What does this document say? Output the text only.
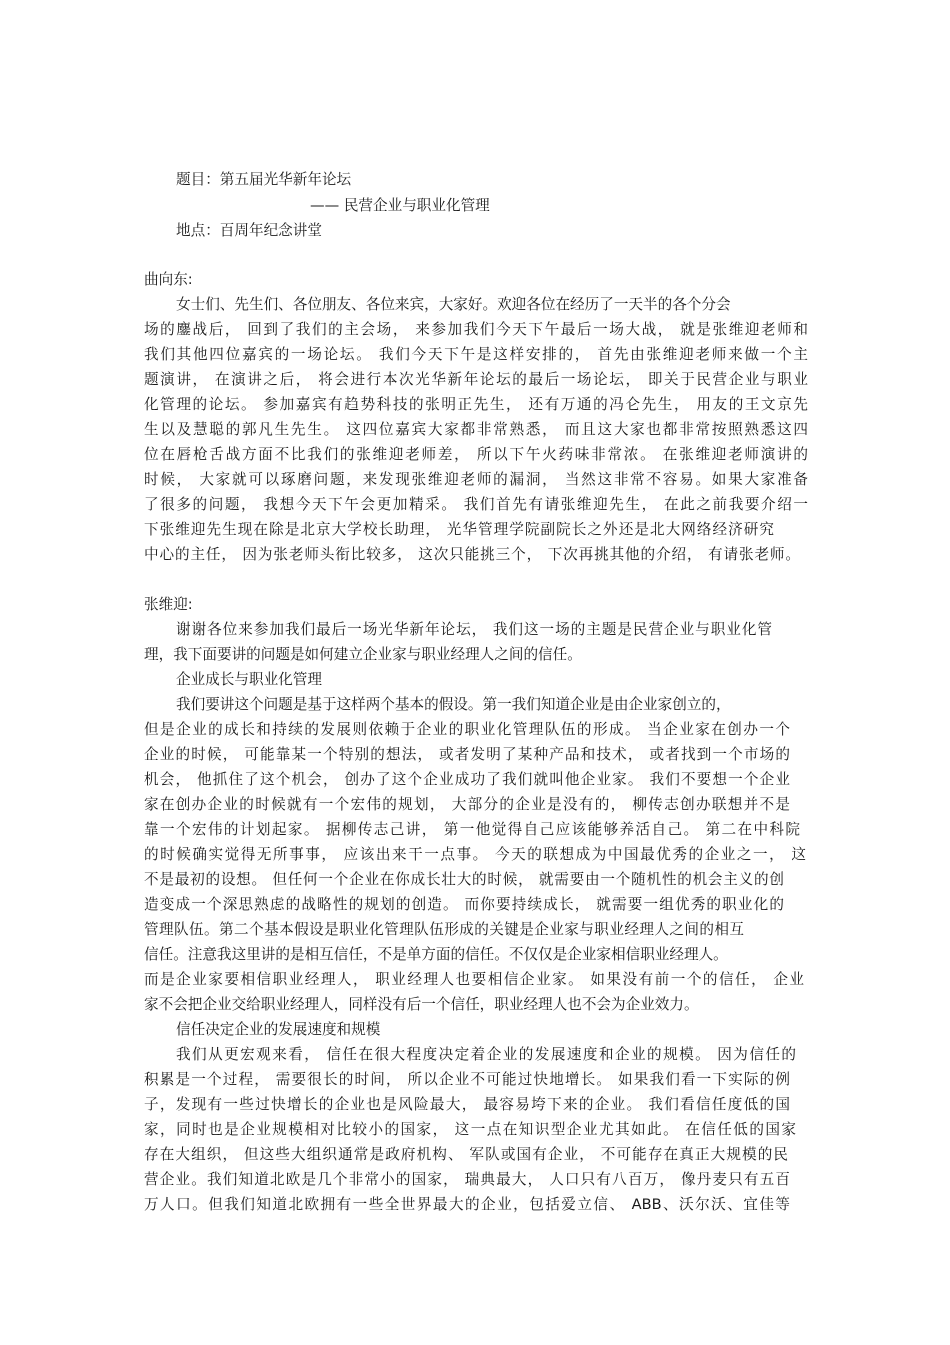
题目：第五届光华新年论坛

—— 民营企业与职业化管理

地点：百周年纪念讲堂

曲向东:

女士们、先生们、各位朋友、各位来宾，大家好。欢迎各位在经历了一天半的各个分会

场的鏖战后， 回到了我们的主会场， 来参加我们今天下午最后一场大战， 就是张维迎老师和

我们其他四位嘉宾的一场论坛。 我们今天下午是这样安排的， 首先由张维迎老师来做一个主

题演讲， 在演讲之后， 将会进行本次光华新年论坛的最后一场论坛， 即关于民营企业与职业

化管理的论坛。 参加嘉宾有趋势科技的张明正先生， 还有万通的冯仑先生， 用友的王文京先

生以及慧聪的郭凡生先生。 这四位嘉宾大家都非常熟悉， 而且这大家也都非常按照熟悉这四

位在唇枪舌战方面不比我们的张维迎老师差， 所以下午火药味非常浓。 在张维迎老师演讲的

时候， 大家就可以琢磨问题，来发现张维迎老师的漏洞， 当然这非常不容易。如果大家准备

了很多的问题， 我想今天下午会更加精采。 我们首先有请张维迎先生， 在此之前我要介绍一

下张维迎先生现在除是北京大学校长助理， 光华管理学院副院长之外还是北大网络经济研究

中心的主任， 因为张老师头衔比较多， 这次只能挑三个， 下次再挑其他的介绍， 有请张老师。

张维迎:

谢谢各位来参加我们最后一场光华新年论坛， 我们这一场的主题是民营企业与职业化管

理，我下面要讲的问题是如何建立企业家与职业经理人之间的信任。

企业成长与职业化管理

我们要讲这个问题是基于这样两个基本的假设。第一我们知道企业是由企业家创立的，

但是企业的成长和持续的发展则依赖于企业的职业化管理队伍的形成。 当企业家在创办一个

企业的时候， 可能靠某一个特别的想法， 或者发明了某种产品和技术， 或者找到一个市场的

机会， 他抓住了这个机会， 创办了这个企业成功了我们就叫他企业家。 我们不要想一个企业

家在创办企业的时候就有一个宏伟的规划， 大部分的企业是没有的， 柳传志创办联想并不是

靠一个宏伟的计划起家。 据柳传志己讲， 第一他觉得自己应该能够养活自己。 第二在中科院

的时候确实觉得无所事事， 应该出来干一点事。 今天的联想成为中国最优秀的企业之一， 这

不是最初的设想。 但任何一个企业在你成长壮大的时候， 就需要由一个随机性的机会主义的创

造变成一个深思熟虑的战略性的规划的创造。 而你要持续成长， 就需要一组优秀的职业化的

管理队伍。第二个基本假设是职业化管理队伍形成的关键是企业家与职业经理人之间的相互

信任。注意我这里讲的是相互信任，不是单方面的信任。不仅仅是企业家相信职业经理人。

而是企业家要相信职业经理人， 职业经理人也要相信企业家。 如果没有前一个的信任， 企业

家不会把企业交给职业经理人，同样没有后一个信任，职业经理人也不会为企业效力。

信任决定企业的发展速度和规模

我们从更宏观来看， 信任在很大程度决定着企业的发展速度和企业的规模。 因为信任的

积累是一个过程， 需要很长的时间， 所以企业不可能过快地增长。 如果我们看一下实际的例

子，发现有一些过快增长的企业也是风险最大， 最容易垮下来的企业。 我们看信任度低的国

家，同时也是企业规模相对比较小的国家， 这一点在知识型企业尤其如此。 在信任低的国家

存在大组织， 但这些大组织通常是政府机构、 军队或国有企业， 不可能存在真正大规模的民

营企业。我们知道北欧是几个非常小的国家， 瑞典最大， 人口只有八百万， 像丹麦只有五百

万人口。但我们知道北欧拥有一些全世界最大的企业，包括爱立信、 ABB、沃尔沃、宜佳等
